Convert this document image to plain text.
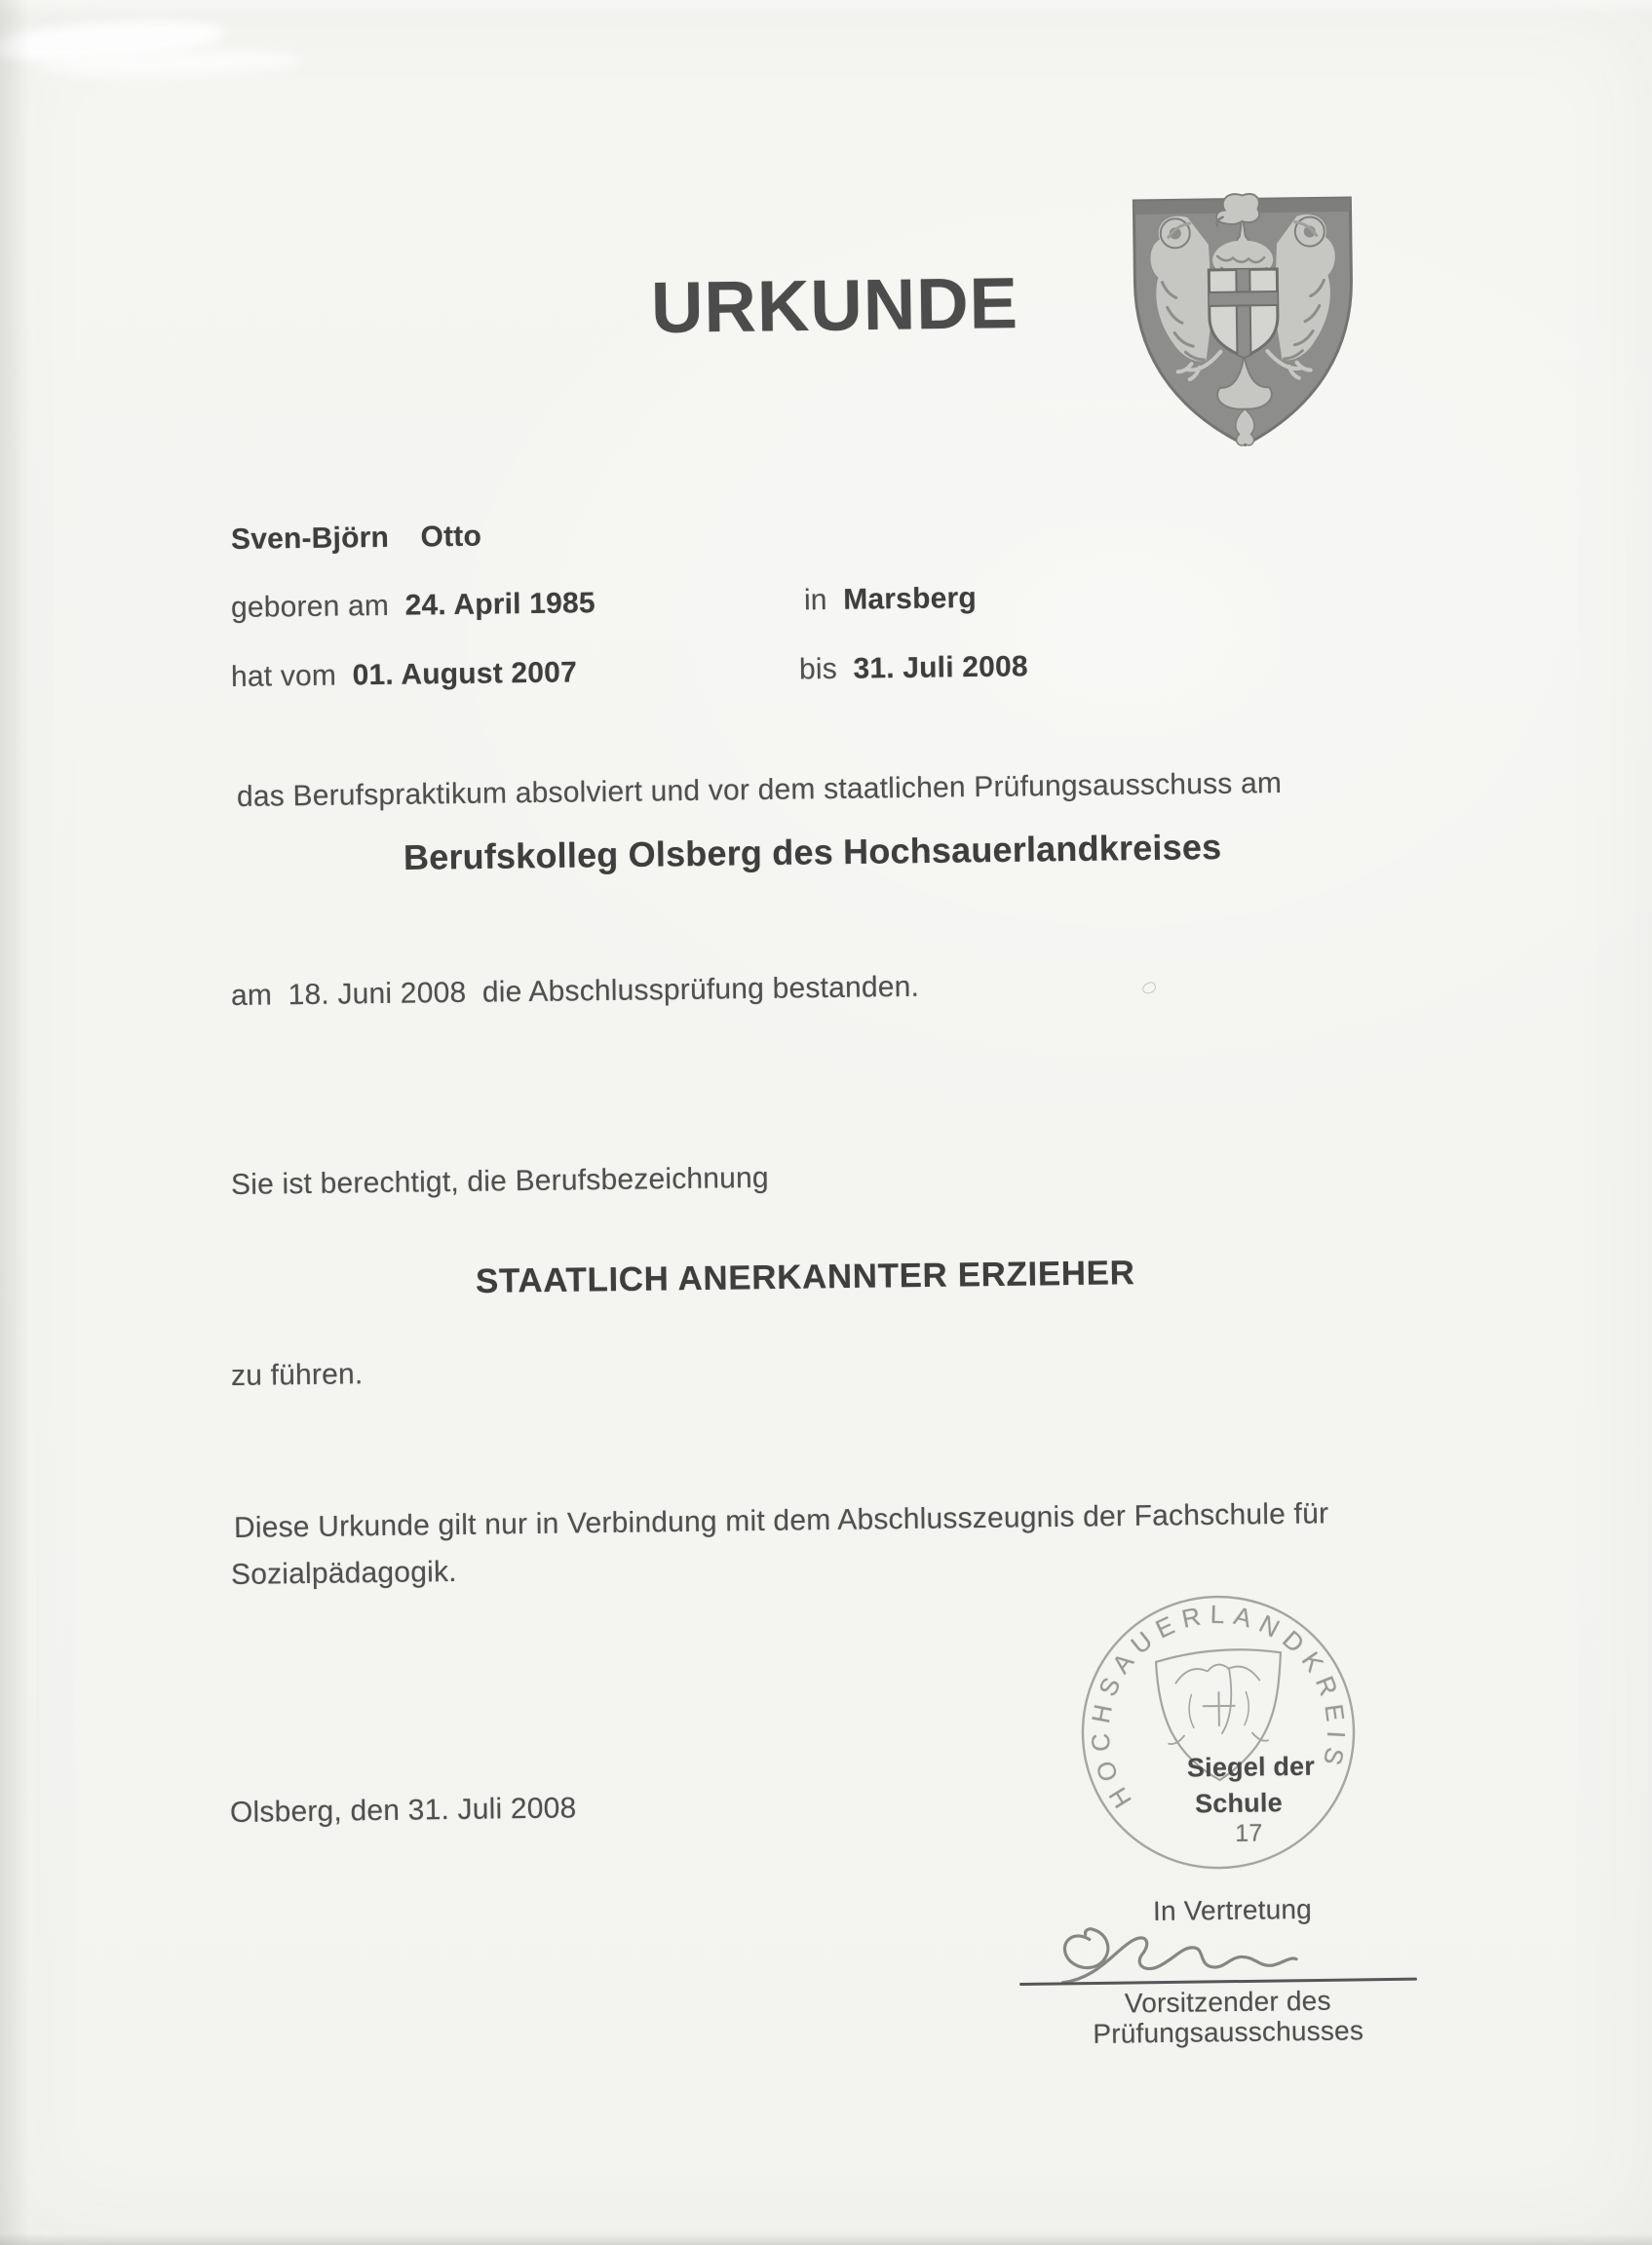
URKUNDE
Sven-Björn Otto
geboren am 24. April 1985	in Marsberg
hat vom 01. August 2007	bis 31. Juli 2008
das Berufspraktikum absolviert und vor dem staatlichen Prüfungsausschuss am
Berufskolleg Olsberg des Hochsauerlandkreises
am 18. Juni 2008 die Abschlussprüfung bestanden.
Sie ist berechtigt, die Berufsbezeichnung
STAATLICH ANERKANNTER ERZIEHER
zu führen.
Diese Urkunde gilt nur in Verbindung mit dem Abschlusszeugnis der Fachschule für
Sozialpädagogik.
HOCHSAUERLANDKREIS
Siegel der
Schule
17
Olsberg, den 31. Juli 2008
In Vertretung
Vorsitzender des
Prüfungsausschusses
